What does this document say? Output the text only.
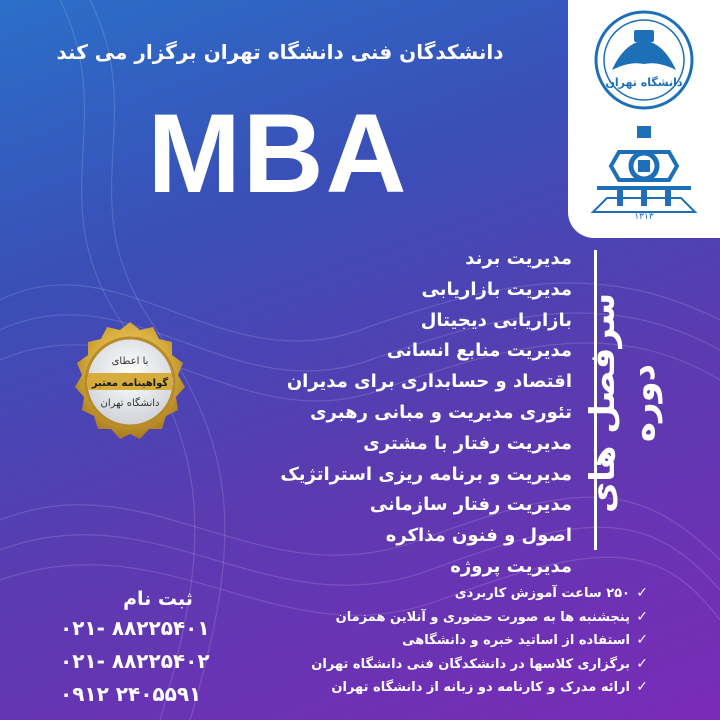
دانشگاه تهران
۱۳۱۳
دانشکدگان فنی دانشگاه تهران برگزار می کند
MBA
سرفصل های دوره
مدیریت برند
مدیریت بازاریابی
بازاریابی دیجیتال
مدیریت منابع انسانی
اقتصاد و حسابداری برای مدیران
تئوری مدیریت و مبانی رهبری
مدیریت رفتار با مشتری
مدیریت و برنامه ریزی استراتژیک
مدیریت رفتار سازمانی
اصول و فنون مذاکره
مدیریت پروژه
با اعطای
گواهینامه معتبر
دانشگاه تهران
ثبت نام
۰۲۱- ۸۸۲۲۵۴۰۱
۰۲۱- ۸۸۲۲۵۴۰۲
۰۹۱۲ ۲۴۰۵۵۹۱
✓۲۵۰ ساعت آموزش کاربردی
✓پنجشنبه ها به صورت حضوری و آنلاین همزمان
✓استفاده از اساتید خبره و دانشگاهی
✓برگزاری کلاسها در دانشکدگان فنی دانشگاه تهران
✓ارائه مدرک و کارنامه دو زبانه از دانشگاه تهران
